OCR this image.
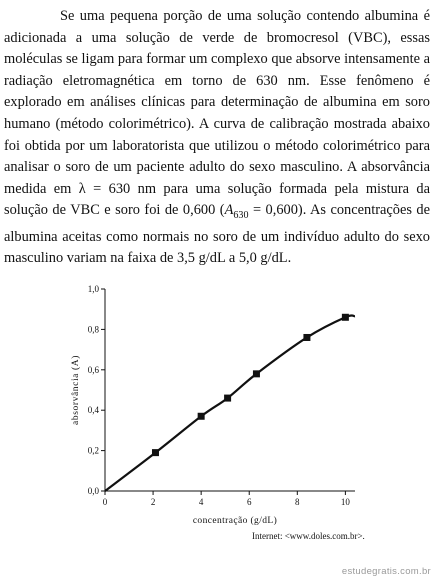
Se uma pequena porção de uma solução contendo albumina é adicionada a uma solução de verde de bromocresol (VBC), essas moléculas se ligam para formar um complexo que absorve intensamente a radiação eletromagnética em torno de 630 nm. Esse fenômeno é explorado em análises clínicas para determinação de albumina em soro humano (método colorimétrico). A curva de calibração mostrada abaixo foi obtida por um laboratorista que utilizou o método colorimétrico para analisar o soro de um paciente adulto do sexo masculino. A absorvância medida em λ = 630 nm para uma solução formada pela mistura da solução de VBC e soro foi de 0,600 $(A_{630} = 0,600)$. As concentrações de albumina aceitas como normais no soro de um indivíduo adulto do sexo masculino variam na faixa de 3,5 g/dL a 5,0 g/dL.

0,0
0,2
0,4
0,6
0,8
1,0
0	2	4	6	8	10
concentração (g/dL)
absorvância (A)
Internet: <www.doles.com.br>.
estudegratis.com.br
